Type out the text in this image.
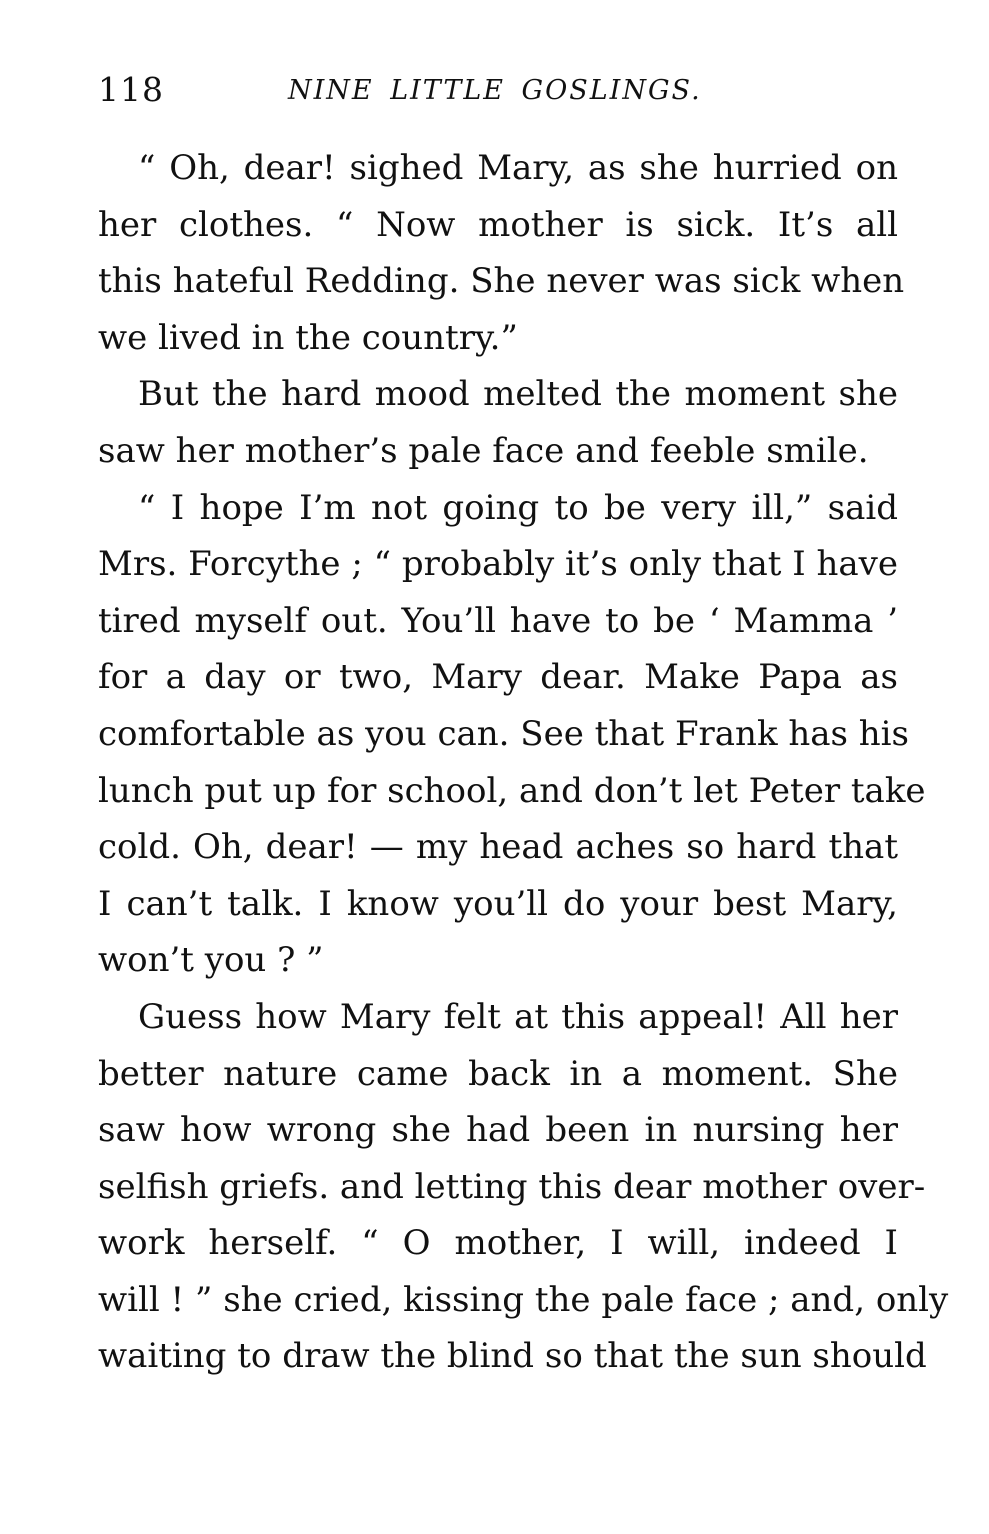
118	NINE LITTLE GOSLINGS.
“ Oh, dear! sighed Mary, as she hurried on
her clothes. “ Now mother is sick. It’s all
this hateful Redding. She never was sick when
we lived in the country.”
But the hard mood melted the moment she
saw her mother’s pale face and feeble smile.
“ I hope I’m not going to be very ill,” said
Mrs. Forcythe ; “ probably it’s only that I have
tired myself out. You’ll have to be ‘ Mamma ’
for a day or two, Mary dear. Make Papa as
comfortable as you can. See that Frank has his
lunch put up for school, and don’t let Peter take
cold. Oh, dear! — my head aches so hard that
I can’t talk. I know you’ll do your best Mary,
won’t you ? ”
Guess how Mary felt at this appeal! All her
better nature came back in a moment. She
saw how wrong she had been in nursing her
selfish griefs. and letting this dear mother over-
work herself. “ O mother, I will, indeed I
will ! ” she cried, kissing the pale face ; and, only
waiting to draw the blind so that the sun should
